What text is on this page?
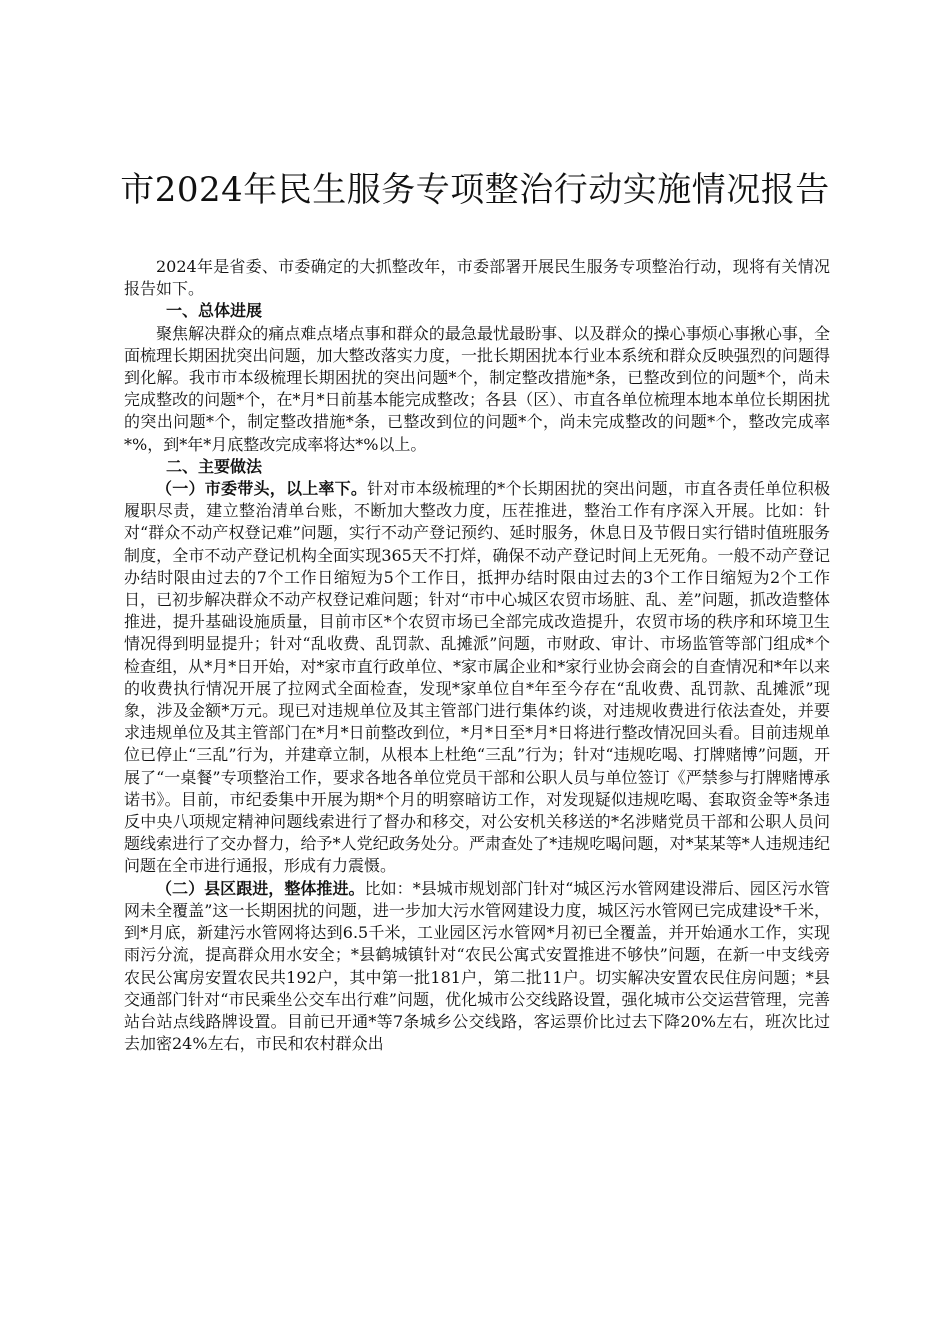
市2024年民生服务专项整治行动实施情况报告

2024年是省委、市委确定的大抓整改年，市委部署开展民生服务专项整治行动，现将有关情况报告如下。

一、总体进展

聚焦解决群众的痛点难点堵点事和群众的最急最忧最盼事、以及群众的操心事烦心事揪心事，全面梳理长期困扰突出问题，加大整改落实力度，一批长期困扰本行业本系统和群众反映强烈的问题得到化解。我市市本级梳理长期困扰的突出问题*个，制定整改措施*条，已整改到位的问题*个，尚未完成整改的问题*个，在*月*日前基本能完成整改；各县（区）、市直各单位梳理本地本单位长期困扰的突出问题*个，制定整改措施*条，已整改到位的问题*个，尚未完成整改的问题*个，整改完成率*%，到*年*月底整改完成率将达*%以上。

二、主要做法

（一）市委带头，以上率下。针对市本级梳理的*个长期困扰的突出问题，市直各责任单位积极履职尽责，建立整治清单台账，不断加大整改力度，压茬推进，整治工作有序深入开展。比如：针对“群众不动产权登记难”问题，实行不动产登记预约、延时服务，休息日及节假日实行错时值班服务制度，全市不动产登记机构全面实现365天不打烊，确保不动产登记时间上无死角。一般不动产登记办结时限由过去的7个工作日缩短为5个工作日，抵押办结时限由过去的3个工作日缩短为2个工作日，已初步解决群众不动产权登记难问题；针对“市中心城区农贸市场脏、乱、差”问题，抓改造整体推进，提升基础设施质量，目前市区*个农贸市场已全部完成改造提升，农贸市场的秩序和环境卫生情况得到明显提升；针对“乱收费、乱罚款、乱摊派”问题，市财政、审计、市场监管等部门组成*个检查组，从*月*日开始，对*家市直行政单位、*家市属企业和*家行业协会商会的自查情况和*年以来的收费执行情况开展了拉网式全面检查，发现*家单位自*年至今存在“乱收费、乱罚款、乱摊派”现象，涉及金额*万元。现已对违规单位及其主管部门进行集体约谈，对违规收费进行依法查处，并要求违规单位及其主管部门在*月*日前整改到位，*月*日至*月*日将进行整改情况回头看。目前违规单位已停止“三乱”行为，并建章立制，从根本上杜绝“三乱”行为；针对“违规吃喝、打牌赌博”问题，开展了“一桌餐”专项整治工作，要求各地各单位党员干部和公职人员与单位签订《严禁参与打牌赌博承诺书》。目前，市纪委集中开展为期*个月的明察暗访工作，对发现疑似违规吃喝、套取资金等*条违反中央八项规定精神问题线索进行了督办和移交，对公安机关移送的*名涉赌党员干部和公职人员问题线索进行了交办督力，给予*人党纪政务处分。严肃查处了*违规吃喝问题，对*某某等*人违规违纪问题在全市进行通报，形成有力震慑。

（二）县区跟进，整体推进。比如：*县城市规划部门针对“城区污水管网建设滞后、园区污水管网未全覆盖”这一长期困扰的问题，进一步加大污水管网建设力度，城区污水管网已完成建设*千米，到*月底，新建污水管网将达到6.5千米，工业园区污水管网*月初已全覆盖，并开始通水工作，实现雨污分流，提高群众用水安全；*县鹤城镇针对“农民公寓式安置推进不够快”问题，在新一中支线旁农民公寓房安置农民共192户，其中第一批181户，第二批11户。切实解决安置农民住房问题；*县交通部门针对“市民乘坐公交车出行难”问题，优化城市公交线路设置，强化城市公交运营管理，完善站台站点线路牌设置。目前已开通*等7条城乡公交线路，客运票价比过去下降20%左右，班次比过去加密24%左右，市民和农村群众出
